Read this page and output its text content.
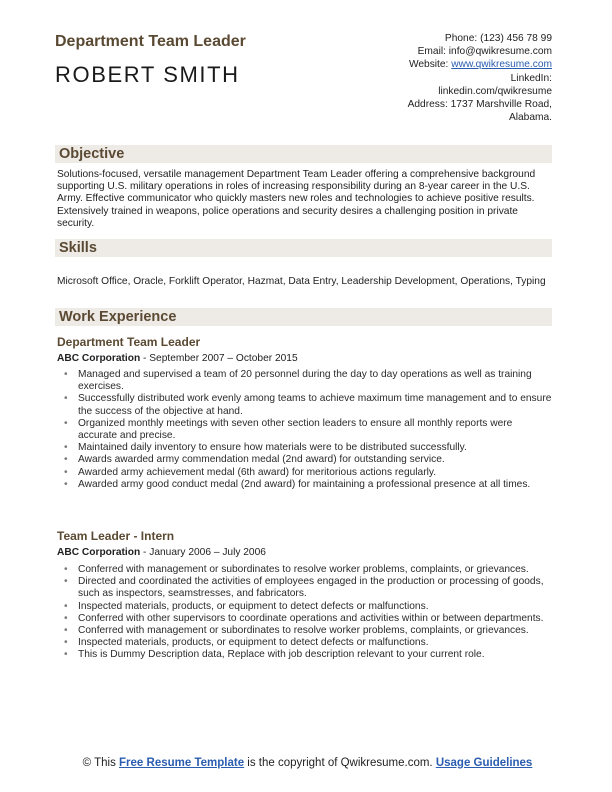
Department Team Leader
ROBERT SMITH
Phone: (123) 456 78 99
Email: info@qwikresume.com
Website: www.qwikresume.com
LinkedIn:
linkedin.com/qwikresume
Address: 1737 Marshville Road,
Alabama.
Objective
Solutions-focused, versatile management Department Team Leader offering a comprehensive background supporting U.S. military operations in roles of increasing responsibility during an 8-year career in the U.S. Army. Effective communicator who quickly masters new roles and technologies to achieve positive results. Extensively trained in weapons, police operations and security desires a challenging position in private security.
Skills
Microsoft Office, Oracle, Forklift Operator, Hazmat, Data Entry, Leadership Development, Operations, Typing
Work Experience
Department Team Leader
ABC Corporation - September 2007 – October 2015
• Managed and supervised a team of 20 personnel during the day to day operations as well as training exercises.
• Successfully distributed work evenly among teams to achieve maximum time management and to ensure the success of the objective at hand.
• Organized monthly meetings with seven other section leaders to ensure all monthly reports were accurate and precise.
• Maintained daily inventory to ensure how materials were to be distributed successfully.
• Awards awarded army commendation medal (2nd award) for outstanding service.
• Awarded army achievement medal (6th award) for meritorious actions regularly.
• Awarded army good conduct medal (2nd award) for maintaining a professional presence at all times.
Team Leader - Intern
ABC Corporation - January 2006 – July 2006
• Conferred with management or subordinates to resolve worker problems, complaints, or grievances.
• Directed and coordinated the activities of employees engaged in the production or processing of goods, such as inspectors, seamstresses, and fabricators.
• Inspected materials, products, or equipment to detect defects or malfunctions.
• Conferred with other supervisors to coordinate operations and activities within or between departments.
• Conferred with management or subordinates to resolve worker problems, complaints, or grievances.
• Inspected materials, products, or equipment to detect defects or malfunctions.
• This is Dummy Description data, Replace with job description relevant to your current role.
© This Free Resume Template is the copyright of Qwikresume.com. Usage Guidelines
